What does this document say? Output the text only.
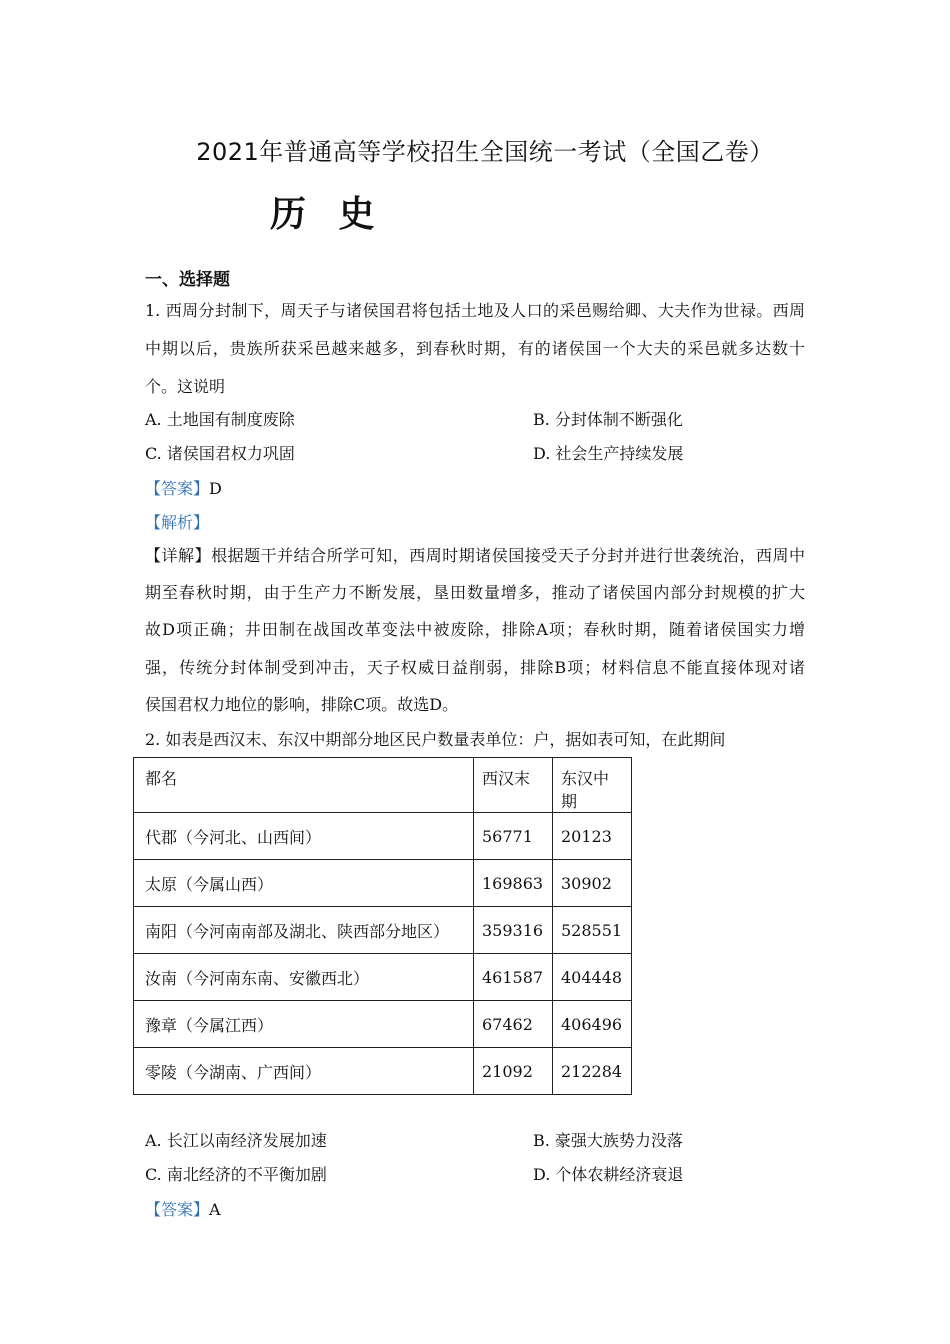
2021年普通高等学校招生全国统一考试（全国乙卷）
历 史
一、选择题
1. 西周分封制下，周天子与诸侯国君将包括土地及人口的采邑赐给卿、大夫作为世禄。西周
中期以后，贵族所获采邑越来越多，到春秋时期，有的诸侯国一个大夫的采邑就多达数十
个。这说明
A. 土地国有制度废除	B. 分封体制不断强化
C. 诸侯国君权力巩固	D. 社会生产持续发展
【答案】D
【解析】
【详解】根据题干并结合所学可知，西周时期诸侯国接受天子分封并进行世袭统治，西周中
期至春秋时期，由于生产力不断发展，垦田数量增多，推动了诸侯国内部分封规模的扩大
故D项正确；井田制在战国改革变法中被废除，排除A项；春秋时期，随着诸侯国实力增
强，传统分封体制受到冲击，天子权威日益削弱，排除B项；材料信息不能直接体现对诸
侯国君权力地位的影响，排除C项。故选D。
2. 如表是西汉末、东汉中期部分地区民户数量表单位：户，据如表可知，在此期间
都名	西汉末	东汉中期
代郡（今河北、山西间）	56771	20123
太原（今属山西）	169863	30902
南阳（今河南南部及湖北、陕西部分地区）	359316	528551
汝南（今河南东南、安徽西北）	461587	404448
豫章（今属江西）	67462	406496
零陵（今湖南、广西间）	21092	212284
A. 长江以南经济发展加速	B. 豪强大族势力没落
C. 南北经济的不平衡加剧	D. 个体农耕经济衰退
【答案】A
